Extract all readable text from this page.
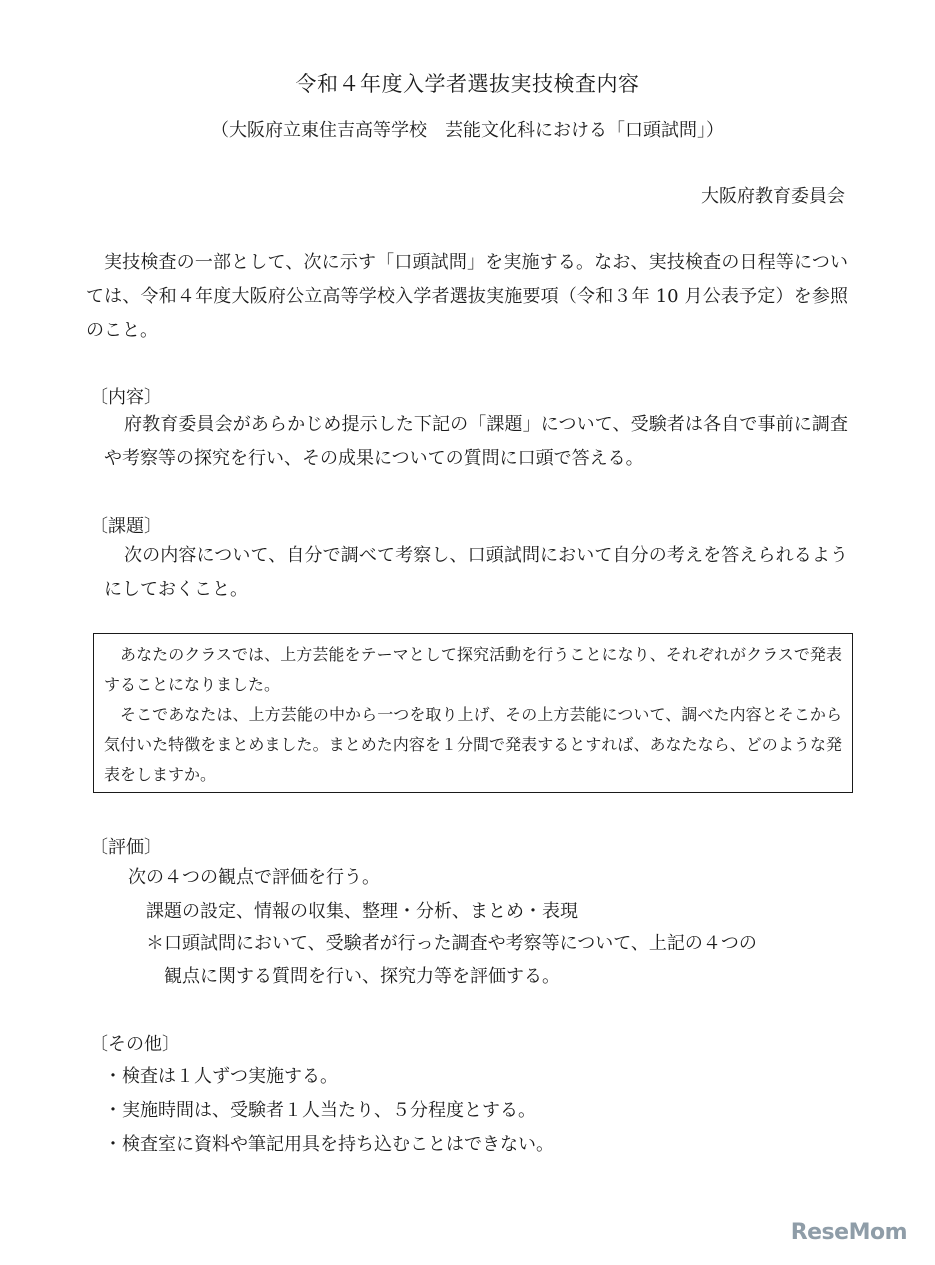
令和４年度入学者選抜実技検査内容
（大阪府立東住吉高等学校　芸能文化科における「口頭試問」）
大阪府教育委員会
実技検査の一部として、次に示す「口頭試問」を実施する。なお、実技検査の日程等については、令和４年度大阪府公立高等学校入学者選抜実施要項（令和３年 10 月公表予定）を参照のこと。
〔内容〕
府教育委員会があらかじめ提示した下記の「課題」について、受験者は各自で事前に調査や考察等の探究を行い、その成果についての質問に口頭で答える。
〔課題〕
次の内容について、自分で調べて考察し、口頭試問において自分の考えを答えられるようにしておくこと。

あなたのクラスでは、上方芸能をテーマとして探究活動を行うことになり、それぞれがクラスで発表することになりました。

そこであなたは、上方芸能の中から一つを取り上げ、その上方芸能について、調べた内容とそこから気付いた特徴をまとめました。まとめた内容を１分間で発表するとすれば、あなたなら、どのような発表をしますか。

〔評価〕
次の４つの観点で評価を行う。
課題の設定、情報の収集、整理・分析、まとめ・表現
＊口頭試問において、受験者が行った調査や考察等について、上記の４つの
観点に関する質問を行い、探究力等を評価する。
〔その他〕
・検査は１人ずつ実施する。
・実施時間は、受験者１人当たり、５分程度とする。
・検査室に資料や筆記用具を持ち込むことはできない。
ReseMom
